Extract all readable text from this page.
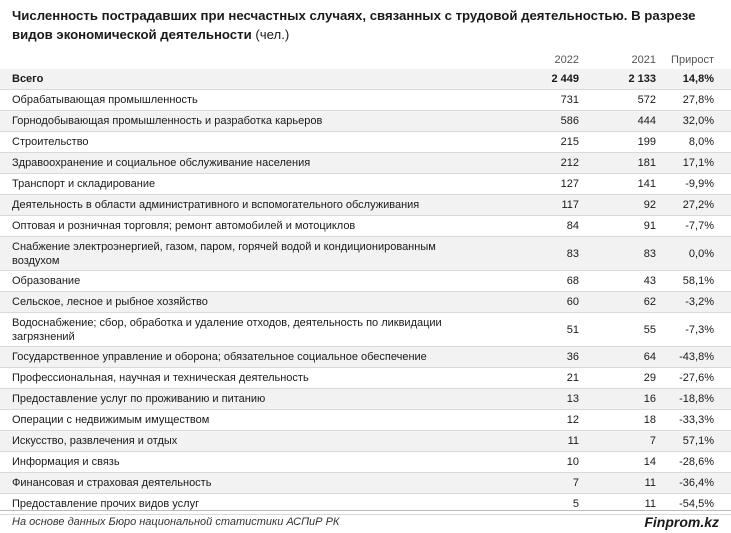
Численность пострадавших при несчастных случаях, связанных с трудовой деятельностью. В разрезе видов экономической деятельности (чел.)
2022	2021 Прирост
Всего	2 449	2 133 14,8%
Обрабатывающая промышленность	731	572 27,8%
Горнодобывающая промышленность и разработка карьеров	586	444 32,0%
Строительство	215	199	8,0%
Здравоохранение и социальное обслуживание населения	212	181 17,1%
Транспорт и складирование	127	141	-9,9%
Деятельность в области административного и вспомогательного обслуживания	117	92 27,2%
Оптовая и розничная торговля; ремонт автомобилей и мотоциклов	84	91	-7,7%
Снабжение электроэнергией, газом, паром, горячей водой и кондиционированным воздухом
83	83	0,0%
Образование	68	43 58,1%
Сельское, лесное и рыбное хозяйство	60	62	-3,2%
Водоснабжение; сбор, обработка и удаление отходов, деятельность по ликвидации загрязнений
51	55	-7,3%
Государственное управление и оборона; обязательное социальное обеспечение	36	64 -43,8%
Профессиональная, научная и техническая деятельность	21	29 -27,6%
Предоставление услуг по проживанию и питанию	13	16 -18,8%
Операции с недвижимым имуществом	12	18 -33,3%
Искусство, развлечения и отдых	11	7 57,1%
Информация и связь	10	14 -28,6%
Финансовая и страховая деятельность	7	11 -36,4%
Предоставление прочих видов услуг	5	11 -54,5%
На основе данных Бюро национальной статистики АСПиР РК	Finprom.kz
